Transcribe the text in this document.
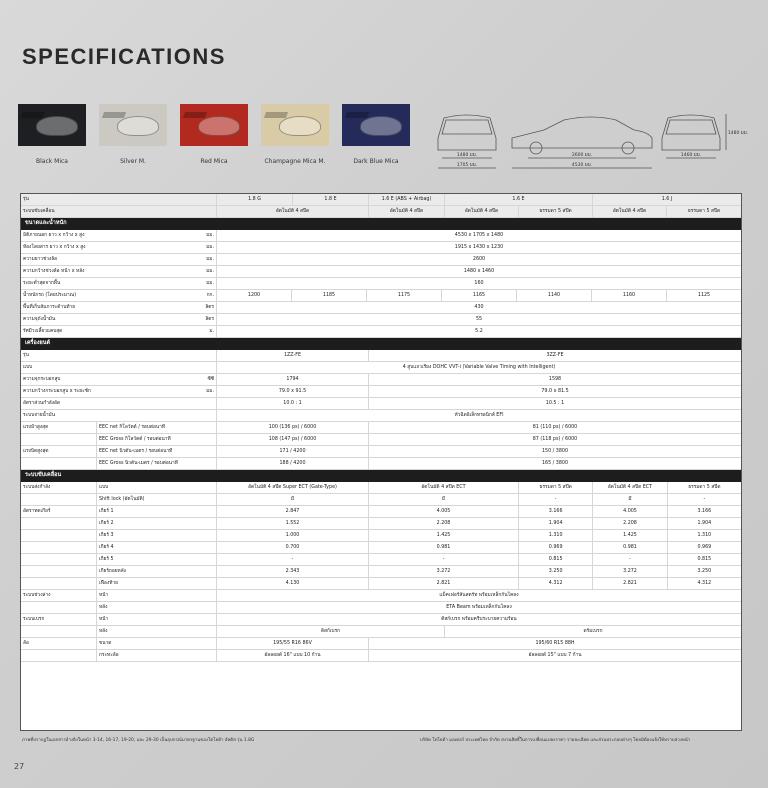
SPECIFICATIONS
Black Mica	Silver M.	Red Mica	Champagne Mica M.	Dark Blue Mica
1480 มม.
1705 มม.
2600 มม.
4530 มม.
1460 มม.
1480 มม.
รุ่น	1.8 G	1.8 E	1.6 E (ABS + Airbag)	1.6 E	1.6 J
ระบบขับเคลื่อน	อัตโนมัติ 4 สปีด	อัตโนมัติ 4 สปีด	อัตโนมัติ 4 สปีด	ธรรมดา 5 สปีด	อัตโนมัติ 4 สปีด	ธรรมดา 5 สปีด
ขนาดและน้ำหนัก
มิติภายนอก ยาว x กว้าง x สูง	มม.	4530 x 1705 x 1480
ห้องโดยสาร ยาว x กว้าง x สูง	มม.	1915 x 1430 x 1230
ความยาวช่วงล้อ	มม.	2600
ความกว้างช่วงล้อ หน้า x หลัง	มม.	1480 x 1460
ระยะต่ำสุดจากพื้น	มม.	160
น้ำหนักรถ (โดยประมาณ)	กก.	1200	1185	1175	1165	1140	1160	1125
พื้นที่เก็บสัมภาระด้านท้าย	ลิตร	430
ความจุถังน้ำมัน	ลิตร	55
รัศมีวงเลี้ยวแคบสุด	ม.	5.2
เครื่องยนต์
รุ่น	1ZZ-FE	3ZZ-FE
แบบ	4 สูบแถวเรียง DOHC VVT-i (Variable Valve Timing with Intelligent)
ความจุกระบอกสูบ	ซีซี	1794	1598
ความกว้างกระบอกสูบ x ระยะชัก	มม.	79.0 x 91.5	79.0 x 81.5
อัตราส่วนกำลังอัด	10.0 : 1	10.5 : 1
ระบบจ่ายน้ำมัน	หัวฉีดอิเล็กทรอนิกส์ EFI
แรงม้าสูงสุด	EEC net กิโลวัตต์ / รอบต่อนาที	100 (136 ps) / 6000	81 (110 ps) / 6000
EEC Gross กิโลวัตต์ / รอบต่อนาที	108 (147 ps) / 6000	87 (118 ps) / 6000
แรงบิดสูงสุด	EEC net นิวตัน-เมตร / รอบต่อนาที	171 / 4200	150 / 3800
EEC Gross นิวตัน-เมตร / รอบต่อนาที	188 / 4200	165 / 3800
ระบบขับเคลื่อน
ระบบส่งกำลัง	แบบ	อัตโนมัติ 4 สปีด Super ECT (Gate-Type)	อัตโนมัติ 4 สปีด ECT	ธรรมดา 5 สปีด	อัตโนมัติ 4 สปีด ECT	ธรรมดา 5 สปีด
Shift lock (อัตโนมัติ)	มี	มี	-	มี	-
อัตราทดเกียร์	เกียร์ 1	2.847	4.005	3.166	4.005	3.166
เกียร์ 2	1.552	2.208	1.904	2.208	1.904
เกียร์ 3	1.000	1.425	1.310	1.425	1.310
เกียร์ 4	0.700	0.981	0.969	0.981	0.969
เกียร์ 5	-	-	0.815	-	0.815
เกียร์ถอยหลัง	2.343	3.272	3.250	3.272	3.250
เฟืองท้าย	4.130	2.821	4.312	2.821	4.312
ระบบช่วงล่าง	หน้า	แม็คเฟอร์สันสตรัท พร้อมเหล็กกันโคลง
หลัง	ETA Beam พร้อมเหล็กกันโคลง
ระบบเบรก	หน้า	ดิสก์เบรก พร้อมครีบระบายความร้อน
หลัง	ดิสก์เบรก	ดรัมเบรก
ล้อ	ขนาด	195/55 R16 86V	195/60 R15 88H
กระทะล้อ	อัลลอยด์ 16" แบบ 10 ก้าน	อัลลอยด์ 15" แบบ 7 ก้าน
ภาพที่ปรากฏในเอกสารอ้างอิงในหน้า 3-14, 16-17, 19-20, และ 29-30 เป็นอุปกรณ์มาตรฐานของโตโยต้า อัลติส รุ่น 1.8G	บริษัท โตโยต้า มอเตอร์ ประเทศไทย จำกัด สงวนสิทธิ์ในการเปลี่ยนแปลงราคา รายละเอียด และส่วนประกอบต่างๆ โดยมิต้องแจ้งให้ทราบล่วงหน้า
27
